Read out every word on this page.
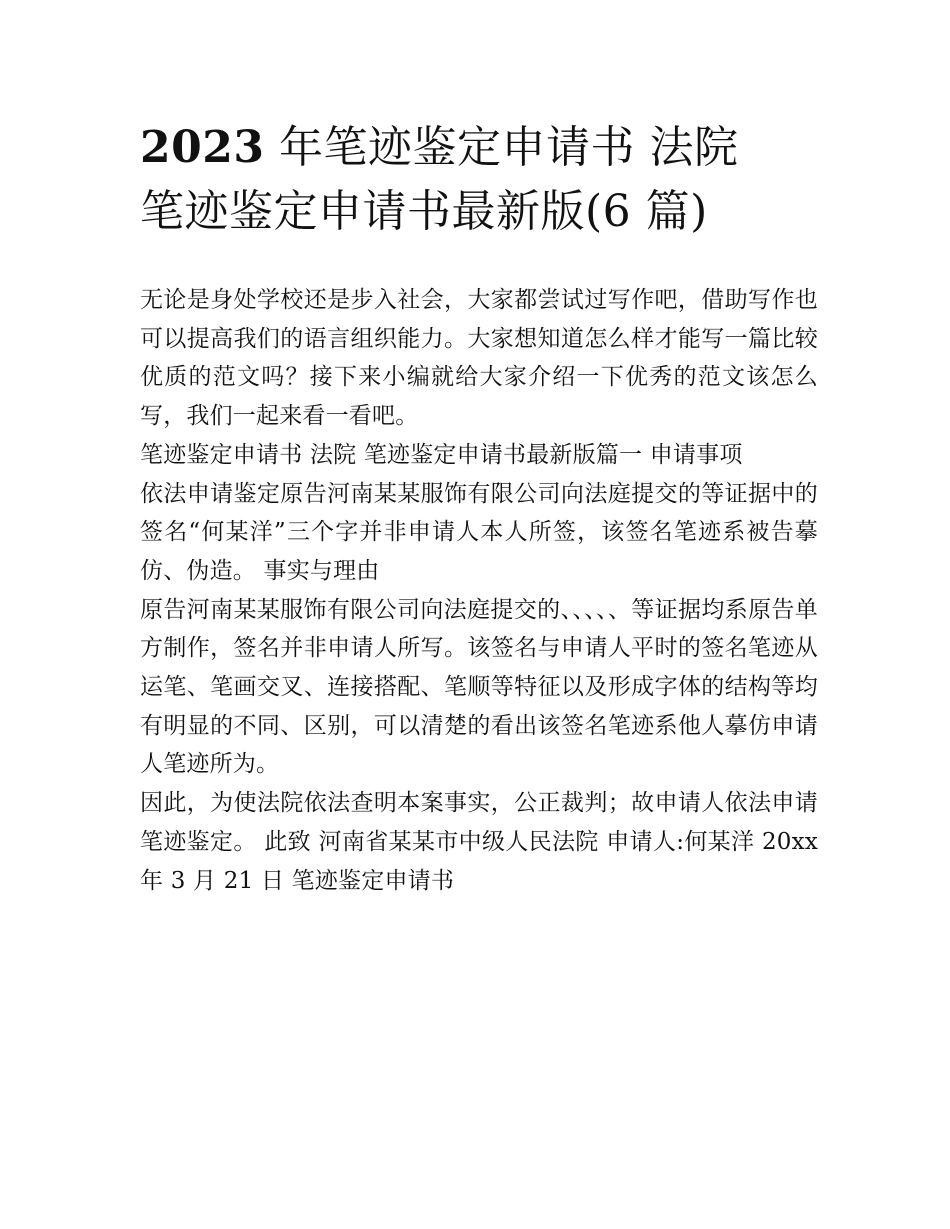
2023 年笔迹鉴定申请书 法院
笔迹鉴定申请书最新版(6 篇)

无论是身处学校还是步入社会，大家都尝试过写作吧，借助写作也可以提高我们的语言组织能力。大家想知道怎么样才能写一篇比较优质的范文吗？接下来小编就给大家介绍一下优秀的范文该怎么写，我们一起来看一看吧。

笔迹鉴定申请书 法院 笔迹鉴定申请书最新版篇一 申请事项

依法申请鉴定原告河南某某服饰有限公司向法庭提交的等证据中的签名“何某洋”三个字并非申请人本人所签，该签名笔迹系被告摹仿、伪造。 事实与理由

原告河南某某服饰有限公司向法庭提交的、、、、、等证据均系原告单方制作，签名并非申请人所写。该签名与申请人平时的签名笔迹从运笔、笔画交叉、连接搭配、笔顺等特征以及形成字体的结构等均有明显的不同、区别，可以清楚的看出该签名笔迹系他人摹仿申请人笔迹所为。

因此，为使法院依法查明本案事实，公正裁判；故申请人依法申请笔迹鉴定。 此致 河南省某某市中级人民法院 申请人:何某洋 20xx 年 3 月 21 日 笔迹鉴定申请书
